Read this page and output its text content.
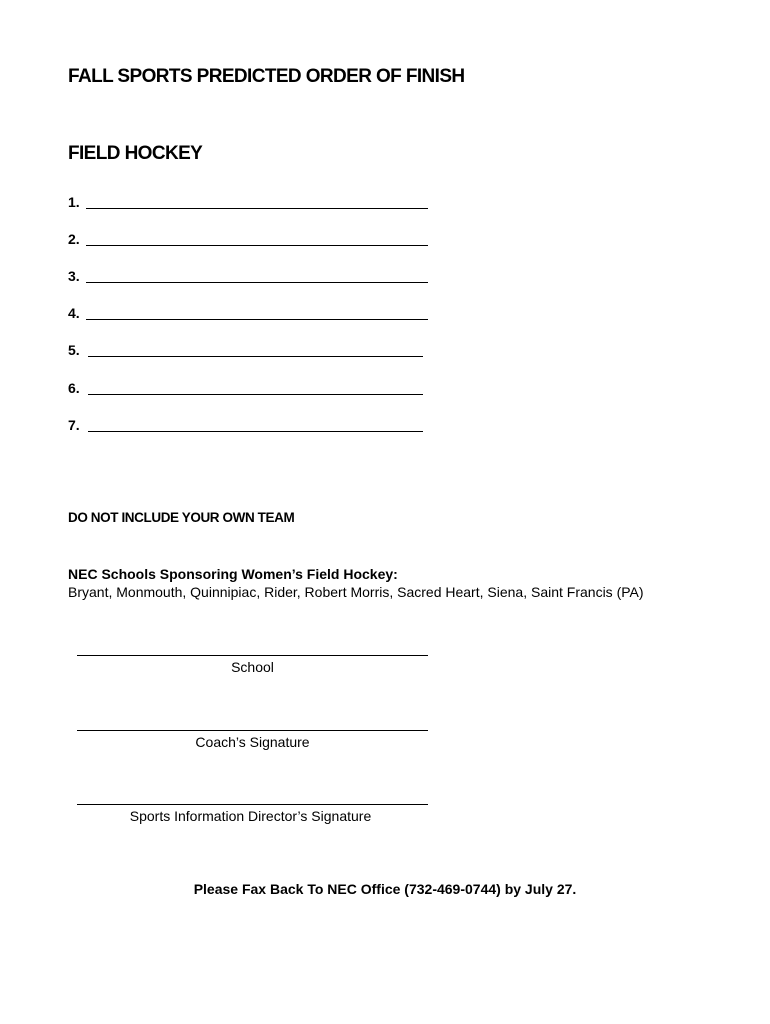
FALL SPORTS PREDICTED ORDER OF FINISH
FIELD HOCKEY
1.
2.
3.
4.
5.
6.
7.
DO NOT INCLUDE YOUR OWN TEAM
NEC Schools Sponsoring Women’s Field Hockey:
Bryant, Monmouth, Quinnipiac, Rider, Robert Morris, Sacred Heart, Siena, Saint Francis (PA)
School
Coach’s Signature
Sports Information Director’s Signature
Please Fax Back To NEC Office (732-469-0744) by July 27.
